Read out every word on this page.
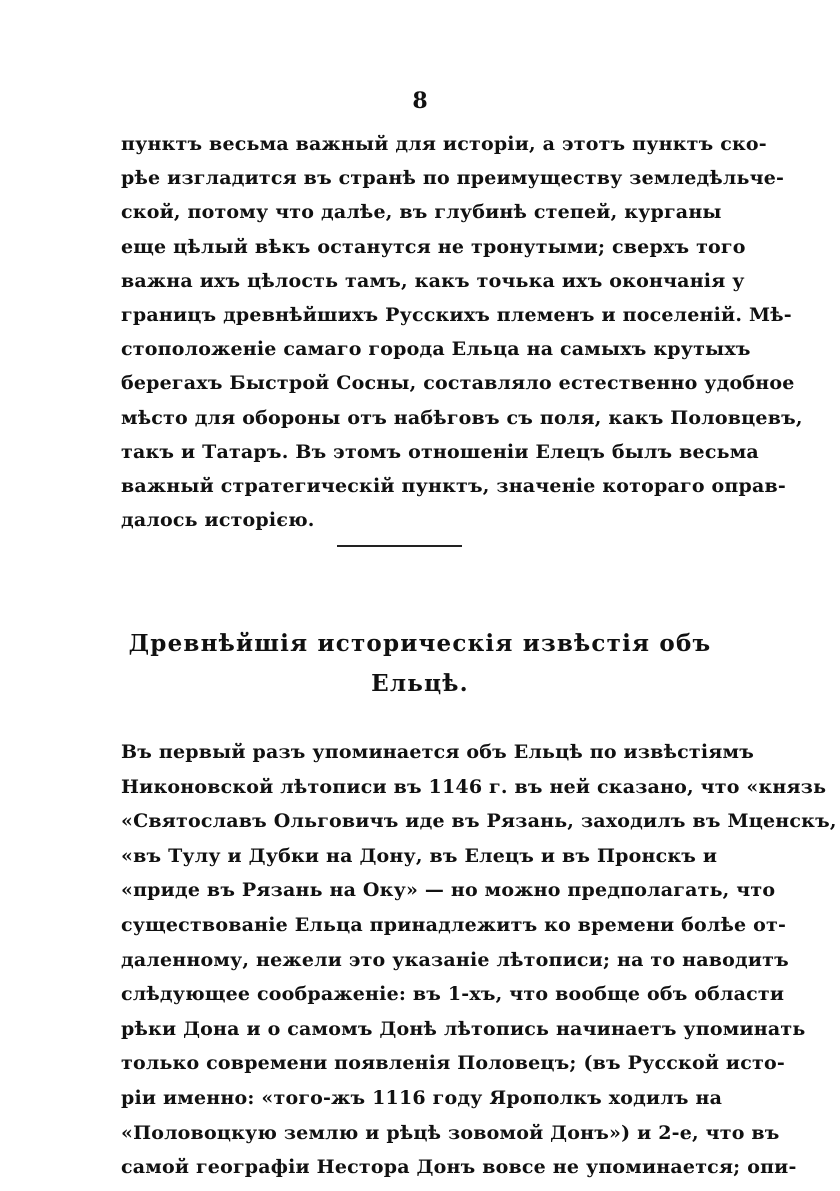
8
пунктъ весьма важный для исторіи, а этотъ пунктъ ско-
рѣе изгладится въ странѣ по преимуществу земледѣльче-
ской, потому что далѣе, въ глубинѣ степей, курганы
еще цѣлый вѣкъ останутся не тронутыми; сверхъ того
важна ихъ цѣлость тамъ, какъ точька ихъ окончанія у
границъ древнѣйшихъ Русскихъ племенъ и поселеній. Мѣ-
стоположеніе самаго города Ельца на самыхъ крутыхъ
берегахъ Быстрой Сосны, составляло естественно удобное
мѣсто для обороны отъ набѣговъ съ поля, какъ Половцевъ,
такъ и Татаръ. Въ этомъ отношеніи Елецъ былъ весьма
важный стратегическій пунктъ, значеніе котораго оправ-
далось исторією.
Древнѣйшія историческія извѣстія объ
Ельцѣ.
Въ первый разъ упоминается объ Ельцѣ по извѣстіямъ
Никоновской лѣтописи въ 1146 г. въ ней сказано, что «князь
«Святославъ Ольговичъ иде въ Рязань, заходилъ въ Мценскъ,
«въ Тулу и Дубки на Дону, въ Елецъ и въ Пронскъ и
«приде въ Рязань на Оку» — но можно предполагать, что
существованіе Ельца принадлежитъ ко времени болѣе от-
даленному, нежели это указаніе лѣтописи; на то наводитъ
слѣдующее соображеніе: въ 1-хъ, что вообще объ области
рѣки Дона и о самомъ Донѣ лѣтопись начинаетъ упоминать
только современи появленія Половецъ; (въ Русской исто-
ріи именно: «того-жъ 1116 году Ярополкъ ходилъ на
«Половоцкую землю и рѣцѣ зовомой Донъ») и 2-е, что въ
самой географіи Нестора Донъ вовсе не упоминается; опи-
